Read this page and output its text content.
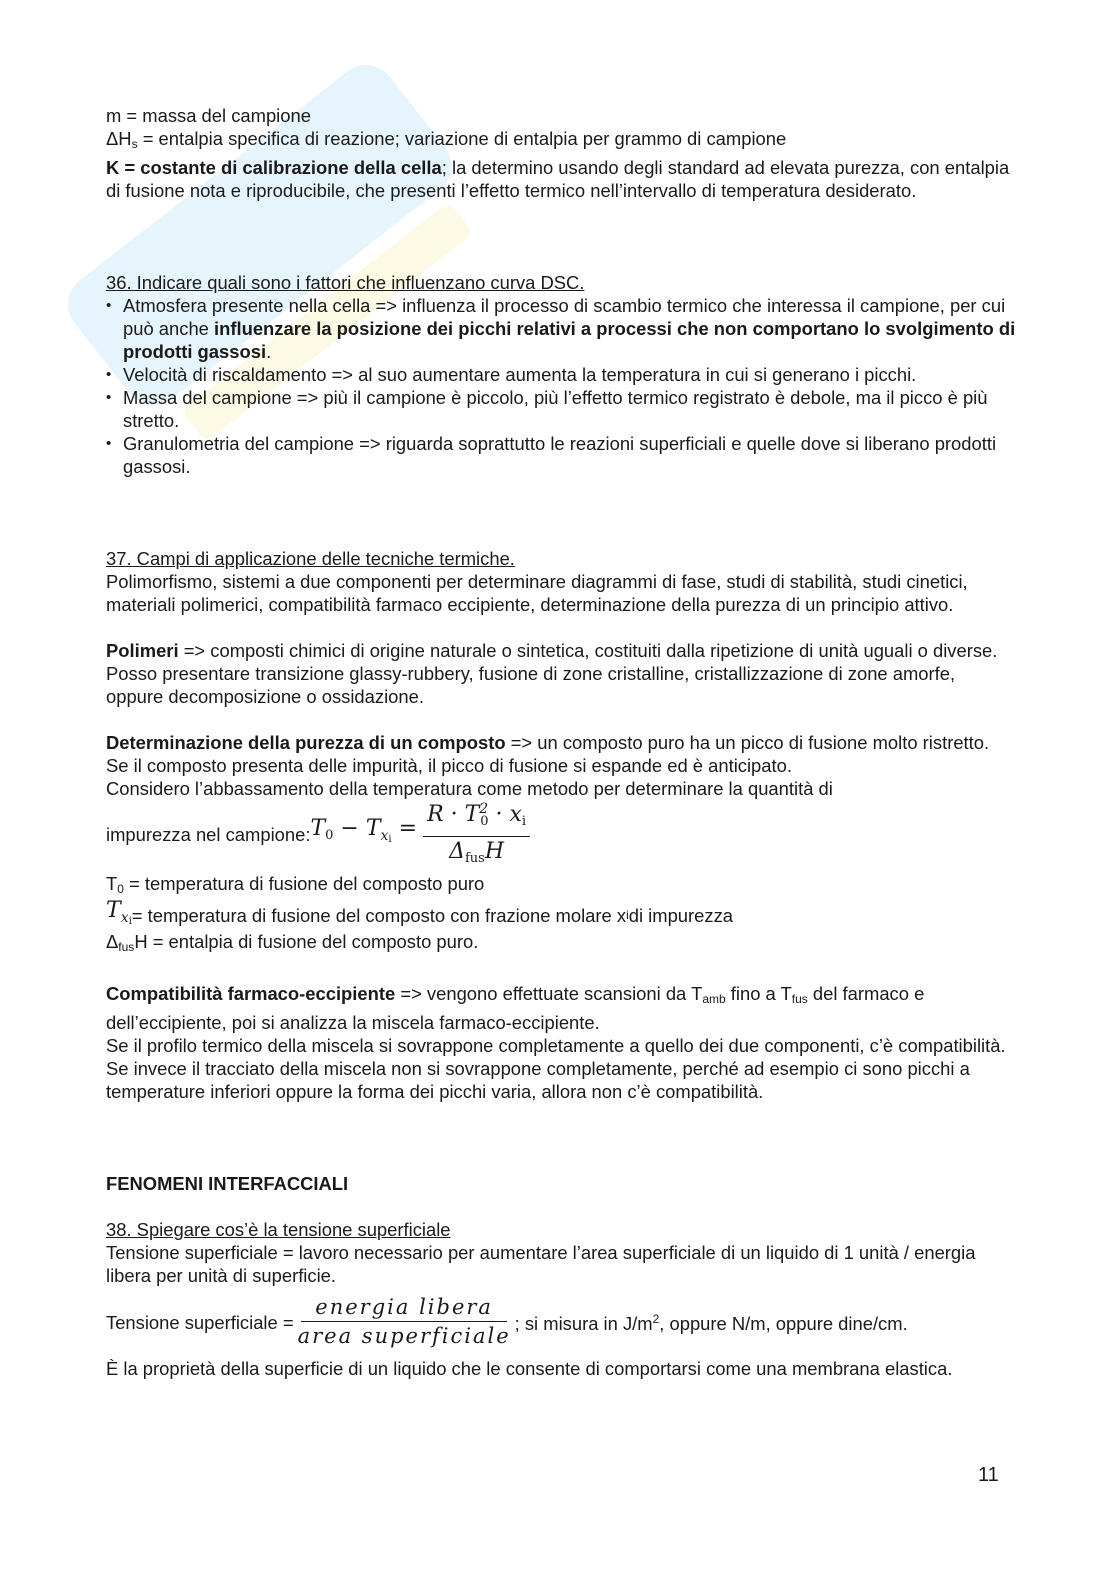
m = massa del campione

$\Delta H_s$ = entalpia specifica di reazione; variazione di entalpia per grammo di campione

K = costante di calibrazione della cella; la determino usando degli standard ad elevata purezza, con entalpia di fusione nota e riproducibile, che presenti l’effetto termico nell’intervallo di temperatura desiderato.

36. Indicare quali sono i fattori che influenzano curva DSC.

• Atmosfera presente nella cella => influenza il processo di scambio termico che interessa il campione, per cui può anche influenzare la posizione dei picchi relativi a processi che non comportano lo svolgimento di prodotti gassosi.
• Velocità di riscaldamento => al suo aumentare aumenta la temperatura in cui si generano i picchi.
• Massa del campione => più il campione è piccolo, più l’effetto termico registrato è debole, ma il picco è più stretto.
• Granulometria del campione => riguarda soprattutto le reazioni superficiali e quelle dove si liberano prodotti gassosi.

37. Campi di applicazione delle tecniche termiche.

Polimorfismo, sistemi a due componenti per determinare diagrammi di fase, studi di stabilità, studi cinetici, materiali polimerici, compatibilità farmaco eccipiente, determinazione della purezza di un principio attivo.

Polimeri => composti chimici di origine naturale o sintetica, costituiti dalla ripetizione di unità uguali o diverse.

Posso presentare transizione glassy-rubbery, fusione di zone cristalline, cristallizzazione di zone amorfe, oppure decomposizione o ossidazione.

Determinazione della purezza di un composto => un composto puro ha un picco di fusione molto ristretto.

Se il composto presenta delle impurità, il picco di fusione si espande ed è anticipato.

Considero l’abbassamento della temperatura come metodo per determinare la quantità di

impurezza nel campione: $T_0 - T_{x_i} = \frac{R \cdot T^2_0 \cdot x_i}{\Delta_{fus}H}$

$T_0$ = temperatura di fusione del composto puro

$T_{x_i}$ = temperatura di fusione del composto con frazione molare x i di impurezza

$\Delta_{fus}H$ = entalpia di fusione del composto puro.

Compatibilità farmaco-eccipiente => vengono effettuate scansioni da $T_{amb}$ fino a $T_{fus}$ del farmaco e dell’eccipiente, poi si analizza la miscela farmaco-eccipiente.

Se il profilo termico della miscela si sovrappone completamente a quello dei due componenti, c’è compatibilità.

Se invece il tracciato della miscela non si sovrappone completamente, perché ad esempio ci sono picchi a temperature inferiori oppure la forma dei picchi varia, allora non c’è compatibilità.

FENOMENI INTERFACCIALI

38. Spiegare cos’è la tensione superficiale

Tensione superficiale = lavoro necessario per aumentare l’area superficiale di un liquido di 1 unità / energia libera per unità di superficie.

Tensione superficiale = $\frac{\text{energia libera}}{\text{area superficiale}}$ ; si misura in $J/m^2$, oppure N/m, oppure dine/cm.

È la proprietà della superficie di un liquido che le consente di comportarsi come una membrana elastica.

11
